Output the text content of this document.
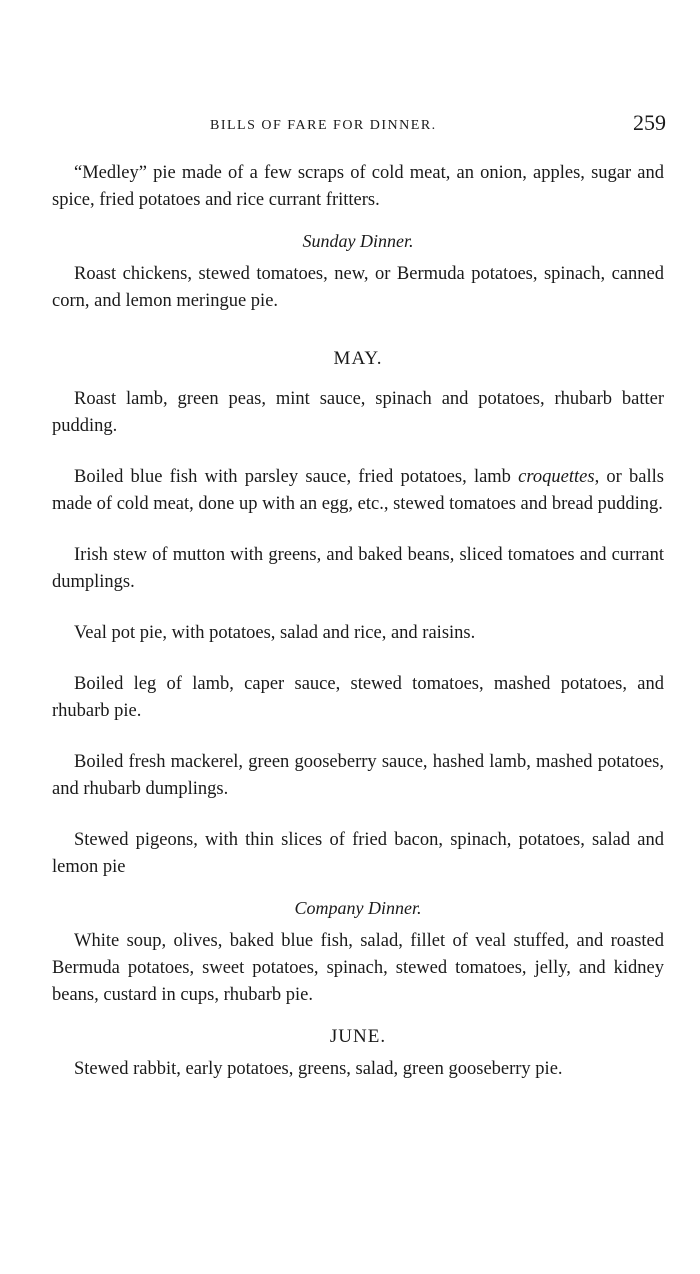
BILLS OF FARE FOR DINNER.	259

“Medley” pie made of a few scraps of cold meat, an onion, apples, sugar and spice, fried potatoes and rice currant fritters.

Sunday Dinner.

Roast chickens, stewed tomatoes, new, or Bermuda potatoes, spinach, canned corn, and lemon meringue pie.

MAY.

Roast lamb, green peas, mint sauce, spinach and potatoes, rhubarb batter pudding.

Boiled blue fish with parsley sauce, fried potatoes, lamb croquettes, or balls made of cold meat, done up with an egg, etc., stewed tomatoes and bread pudding.

Irish stew of mutton with greens, and baked beans, sliced tomatoes and currant dumplings.

Veal pot pie, with potatoes, salad and rice, and raisins.

Boiled leg of lamb, caper sauce, stewed tomatoes, mashed potatoes, and rhubarb pie.

Boiled fresh mackerel, green gooseberry sauce, hashed lamb, mashed potatoes, and rhubarb dumplings.

Stewed pigeons, with thin slices of fried bacon, spinach, potatoes, salad and lemon pie

Company Dinner.

White soup, olives, baked blue fish, salad, fillet of veal stuffed, and roasted Bermuda potatoes, sweet potatoes, spinach, stewed tomatoes, jelly, and kidney beans, custard in cups, rhubarb pie.

JUNE.

Stewed rabbit, early potatoes, greens, salad, green gooseberry pie.
